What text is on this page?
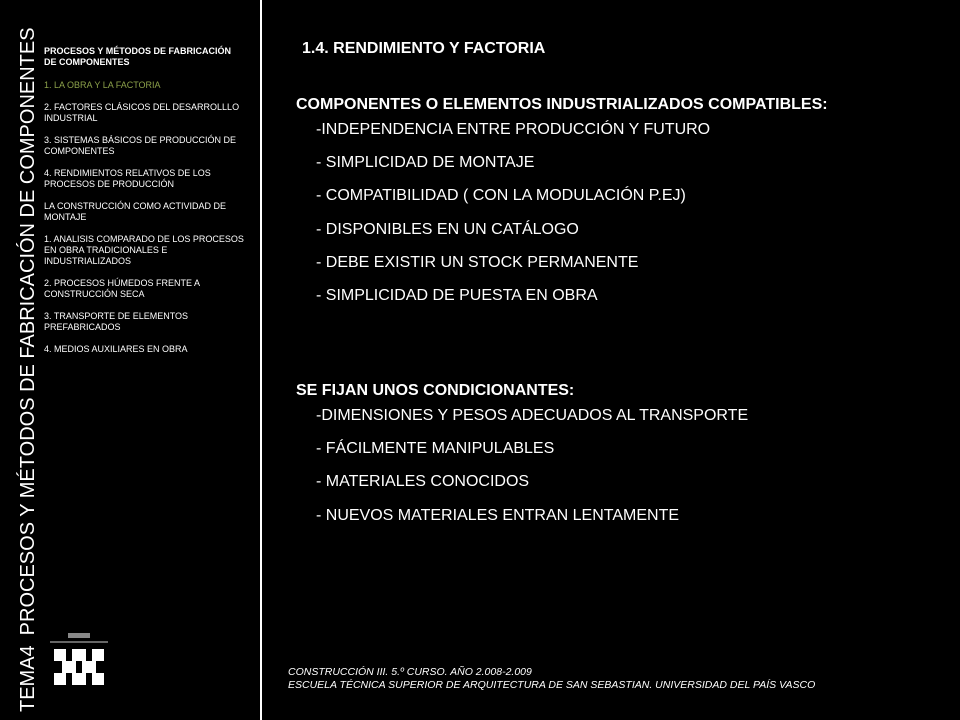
TEMA4
PROCESOS Y MÉTODOS DE FABRICACIÓN DE COMPONENTES PROCESOS Y MÉTODOS DE FABRICACIÓN
DE COMPONENTES
1. LA OBRA Y LA FACTORIA
2. FACTORES CLÁSICOS DEL DESARROLLLO INDUSTRIAL
3. SISTEMAS BÁSICOS DE PRODUCCIÓN DE COMPONENTES
4. RENDIMIENTOS RELATIVOS DE LOS PROCESOS DE PRODUCCIÓN
LA CONSTRUCCIÓN COMO ACTIVIDAD DE MONTAJE
1. ANALISIS COMPARADO DE LOS PROCESOS EN OBRA TRADICIONALES E INDUSTRIALIZADOS
2. PROCESOS HÚMEDOS FRENTE A CONSTRUCCIÓN SECA
3. TRANSPORTE DE ELEMENTOS PREFABRICADOS
4. MEDIOS AUXILIARES EN OBRA
1.4. RENDIMIENTO Y FACTORIA
COMPONENTES O ELEMENTOS INDUSTRIALIZADOS COMPATIBLES:
-INDEPENDENCIA ENTRE PRODUCCIÓN Y FUTURO
- SIMPLICIDAD DE MONTAJE
- COMPATIBILIDAD ( CON LA MODULACIÓN P.EJ)
- DISPONIBLES EN UN CATÁLOGO
- DEBE EXISTIR UN STOCK PERMANENTE
- SIMPLICIDAD DE PUESTA EN OBRA
SE FIJAN UNOS CONDICIONANTES:
-DIMENSIONES Y PESOS ADECUADOS AL TRANSPORTE
- FÁCILMENTE MANIPULABLES
- MATERIALES CONOCIDOS
- NUEVOS MATERIALES ENTRAN LENTAMENTE
CONSTRUCCIÓN III. 5.º CURSO. AÑO 2.008-2.009
ESCUELA TÉCNICA SUPERIOR DE ARQUITECTURA DE SAN SEBASTIAN. UNIVERSIDAD DEL PAÍS VASCO
